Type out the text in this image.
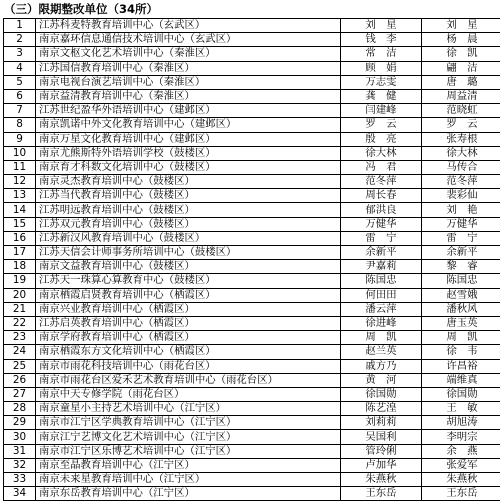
（三）限期整改单位（34所）
1	江苏科麦特教育培训中心（玄武区）	刘　星	刘　星
2	南京嘉环信息通信技术培训中心（玄武区）	钱　李	杨　晨
3	南京文枢文化艺术培训中心（秦淮区）	常　洁	徐　凯
4	江苏国信教育培训中心（秦淮区）	顾　娟	翩　洁
5	南京电视台演艺培训中心（秦淮区）	万志雯	唐　璐
6	南京益清教育培训中心（秦淮区）	龚　健	周益清
7	江苏世纪盈华外语培训中心（建邺区）	闫建峰	范晓虹
8	南京凯诺中外文化教育培训中心（建邺区）	罗　云	罗　云
9	南京万星文化教育培训中心（建邺区）	殷　亮	张寿根
10	南京尤熊斯特外语培训学校（鼓楼区）	徐大林	徐大林
11	南京育才科数文化培训中心（鼓楼区）	冯　君	马传合
12	南京灵杰教育培训中心（鼓楼区）	范冬萍	范冬萍
13	江苏当代教育培训中心（鼓楼区）	周长春	裴彩仙
14	江苏明远教育培训中心（鼓楼区）	郁洪良	刘　艳
15	江苏双元教育培训中心（鼓楼区）	万健华	万健华
16	江苏新汉风教育培训中心（鼓楼区）	雷　宁	雷　宁
17	江苏天信会计师事务所培训中心（鼓楼区）	余新平	余新平
18	南京文益教育培训中心（鼓楼区）	尹嘉莉	黎　睿
19	江苏天一珠算心算教育中心（鼓楼区）	陈国忠	陈国忠
20	南京栖霞启贤教育培训中心（栖霞区）	何田田	赵雪娥
21	南京兴业教育培训中心（栖霞区）	潘云萍	潘秋风
22	江苏启英教育培训中心（栖霞区）	徐进峰	唐玉英
23	南京学府教育培训中心（栖霞区）	周　凯	周　凯
24	南京栖霞东方文化培训中心（栖霞区）	赵兰英	徐　韦
25	南京市雨花科技培训中心（雨花台区）	戚方乃	许昌裕
26	南京市雨花台区爱禾艺术教育培训中心（雨花台区）	黄　河	端维真
27	南京中天专修学院（雨花台区）	徐国勋	徐国勋
28	南京童星小主持艺术培训中心（江宁区）	陈艺湟	王　敏
29	南京市江宁区学典教育培训中心（江宁区）	刘莉莉	胡旭涛
30	南京江宁艺博文化艺术培训中心（江宁区）	吴国利	李明宗
31	南京市江宁区乐博艺术培训中心（江宁区）	管玲俐	余　燕
32	南京至晶教育培训中心（江宁区）	卢加华	张爱军
33	南京未来星教育培训中心（江宁区）	朱燕秋	朱燕秋
34	南京东岳教育培训中心（江宁区）	王东岳	王东岳
